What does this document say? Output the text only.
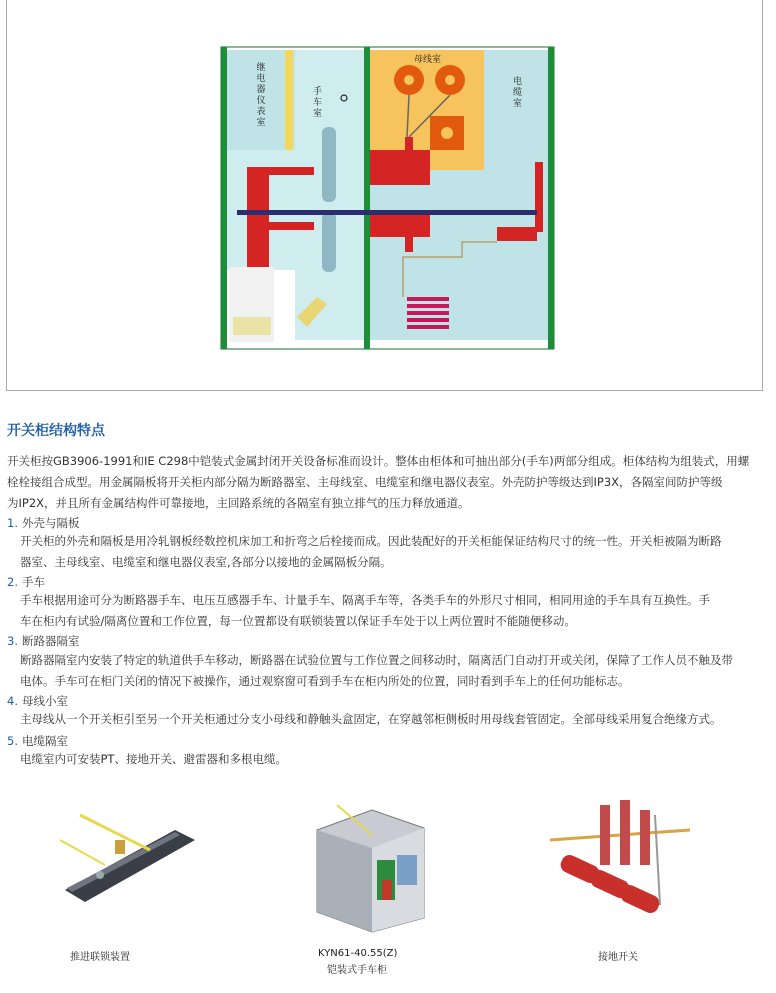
继电器仪表室
手车室
母线室
电缆室
开关柜结构特点
开关柜按GB3906-1991和IE C298中铠装式金属封闭开关设备标准而设计。整体由柜体和可抽出部分(手车)两部分组成。柜体结构为组装式，用螺
栓栓接组合成型。用金属隔板将开关柜内部分隔为断路器室、主母线室、电缆室和继电器仪表室。外壳防护等级达到IP3X，各隔室间防护等级
为IP2X，并且所有金属结构件可靠接地，主回路系统的各隔室有独立排气的压力释放通道。
1. 外壳与隔板
开关柜的外壳和隔板是用冷轧钢板经数控机床加工和折弯之后栓接而成。因此装配好的开关柜能保证结构尺寸的统一性。开关柜被隔为断路
器室、主母线室、电缆室和继电器仪表室,各部分以接地的金属隔板分隔。
2. 手车
手车根据用途可分为断路器手车、电压互感器手车、计量手车、隔离手车等，各类手车的外形尺寸相同，相同用途的手车具有互换性。手
车在柜内有试验/隔离位置和工作位置，每一位置都设有联锁装置以保证手车处于以上两位置时不能随便移动。
3. 断路器隔室
断路器隔室内安装了特定的轨道供手车移动，断路器在试验位置与工作位置之间移动时，隔离活门自动打开或关闭，保障了工作人员不触及带
电体。手车可在柜门关闭的情况下被操作，通过观察窗可看到手车在柜内所处的位置，同时看到手车上的任何功能标志。
4. 母线小室
主母线从一个开关柜引至另一个开关柜通过分支小母线和静触头盒固定，在穿越邻柜侧板时用母线套管固定。全部母线采用复合绝缘方式。
5. 电缆隔室
电缆室内可安装PT、接地开关、避雷器和多根电缆。
推进联锁装置	KYN61-40.55(Z)
铠装式手车柜
接地开关
